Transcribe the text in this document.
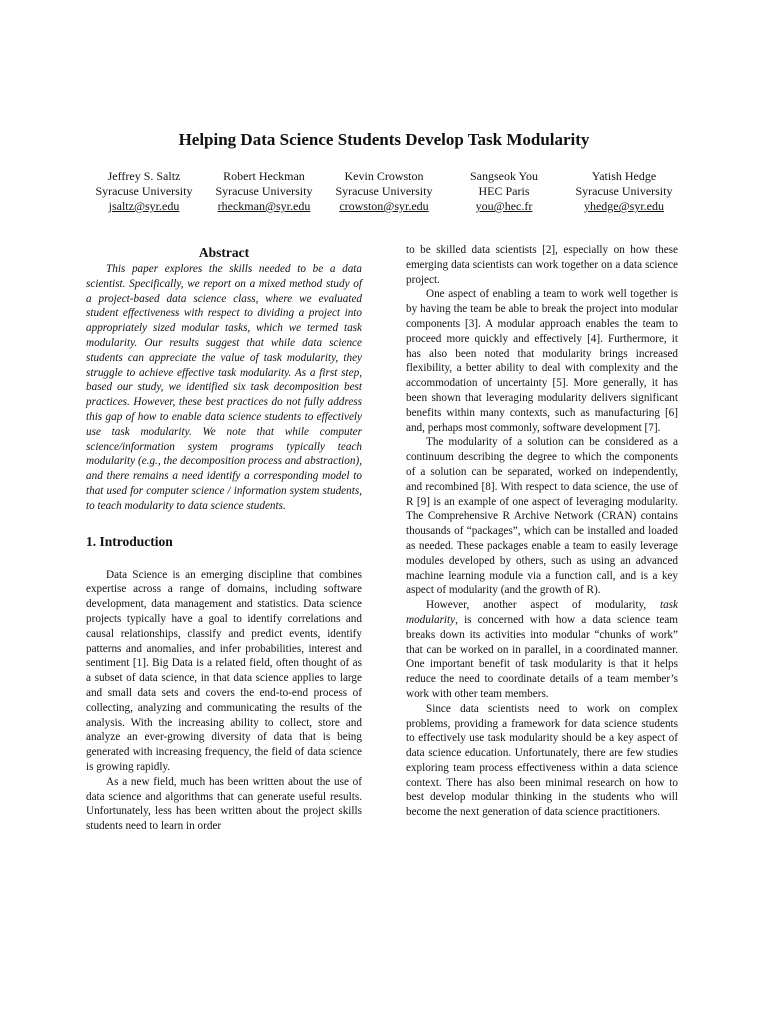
Helping Data Science Students Develop Task Modularity
Jeffrey S. Saltz
Syracuse University
jsaltz@syr.edu
Robert Heckman
Syracuse University
rheckman@syr.edu
Kevin Crowston
Syracuse University
crowston@syr.edu
Sangseok You
HEC Paris
you@hec.fr
Yatish Hedge
Syracuse University
yhedge@syr.edu
Abstract

This paper explores the skills needed to be a data scientist. Specifically, we report on a mixed method study of a project-based data science class, where we evaluated student effectiveness with respect to dividing a project into appropriately sized modular tasks, which we termed task modularity. Our results suggest that while data science students can appreciate the value of task modularity, they struggle to achieve effective task modularity. As a first step, based our study, we identified six task decomposition best practices. However, these best practices do not fully address this gap of how to enable data science students to effectively use task modularity. We note that while computer science/information system programs typically teach modularity (e.g., the decomposition process and abstraction), and there remains a need identify a corresponding model to that used for computer science / information system students, to teach modularity to data science students.

1. Introduction

Data Science is an emerging discipline that combines expertise across a range of domains, including software development, data management and statistics. Data science projects typically have a goal to identify correlations and causal relationships, classify and predict events, identify patterns and anomalies, and infer probabilities, interest and sentiment [1]. Big Data is a related field, often thought of as a subset of data science, in that data science applies to large and small data sets and covers the end-to-end process of collecting, analyzing and communicating the results of the analysis. With the increasing ability to collect, store and analyze an ever-growing diversity of data that is being generated with increasing frequency, the field of data science is growing rapidly.

As a new field, much has been written about the use of data science and algorithms that can generate useful results. Unfortunately, less has been written about the project skills students need to learn in order

to be skilled data scientists [2], especially on how these emerging data scientists can work together on a data science project.

One aspect of enabling a team to work well together is by having the team be able to break the project into modular components [3]. A modular approach enables the team to proceed more quickly and effectively [4]. Furthermore, it has also been noted that modularity brings increased flexibility, a better ability to deal with complexity and the accommodation of uncertainty [5]. More generally, it has been shown that leveraging modularity delivers significant benefits within many contexts, such as manufacturing [6] and, perhaps most commonly, software development [7].

The modularity of a solution can be considered as a continuum describing the degree to which the components of a solution can be separated, worked on independently, and recombined [8]. With respect to data science, the use of R [9] is an example of one aspect of leveraging modularity. The Comprehensive R Archive Network (CRAN) contains thousands of “packages”, which can be installed and loaded as needed. These packages enable a team to easily leverage modules developed by others, such as using an advanced machine learning module via a function call, and is a key aspect of modularity (and the growth of R).

However, another aspect of modularity, task modularity, is concerned with how a data science team breaks down its activities into modular “chunks of work” that can be worked on in parallel, in a coordinated manner. One important benefit of task modularity is that it helps reduce the need to coordinate details of a team member’s work with other team members.

Since data scientists need to work on complex problems, providing a framework for data science students to effectively use task modularity should be a key aspect of data science education. Unfortunately, there are few studies exploring team process effectiveness within a data science context. There has also been minimal research on how to best develop modular thinking in the students who will become the next generation of data science practitioners.
